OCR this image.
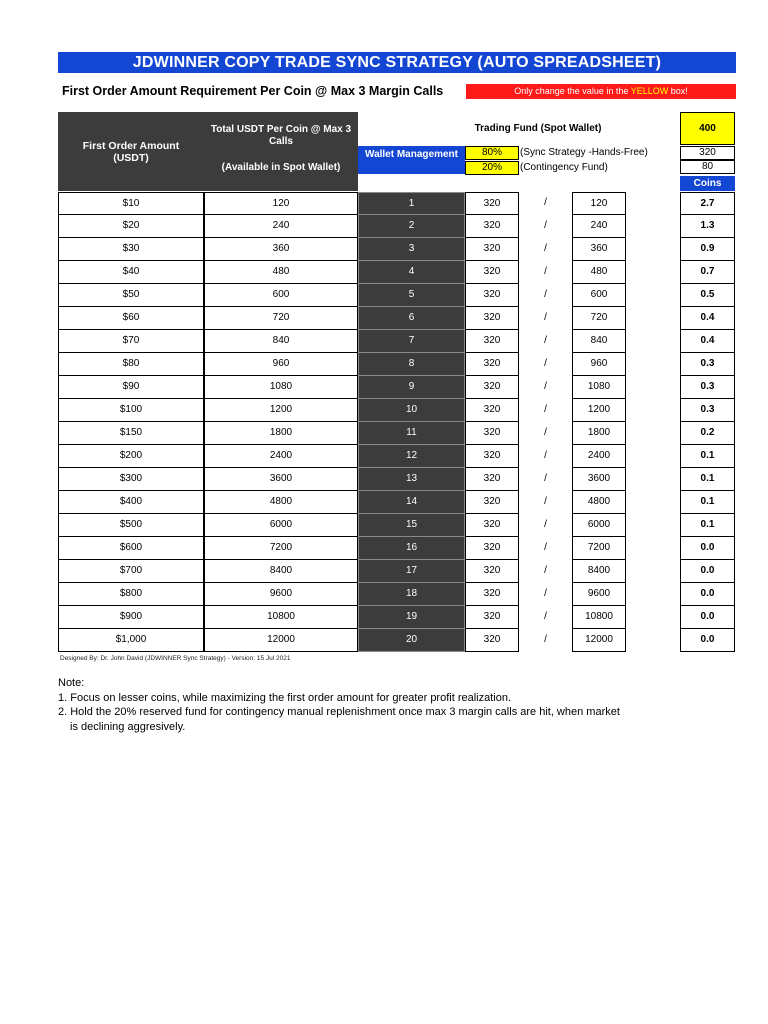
JDWINNER COPY TRADE SYNC STRATEGY (AUTO SPREADSHEET)
First Order Amount Requirement Per Coin @ Max 3 Margin Calls	Only change the value in the YELLOW box!
First Order Amount (USDT)
Total USDT Per Coin @ Max 3 Calls
(Available in Spot Wallet)
Trading Fund (Spot Wallet)	400
Wallet Management	80%	(Sync Strategy -Hands-Free)	320
20%	(Contingency Fund)	80
Coins
$10	120	1	320	/	120	2.7
$20	240	2	320	/	240	1.3
$30	360	3	320	/	360	0.9
$40	480	4	320	/	480	0.7
$50	600	5	320	/	600	0.5
$60	720	6	320	/	720	0.4
$70	840	7	320	/	840	0.4
$80	960	8	320	/	960	0.3
$90	1080	9	320	/	1080	0.3
$100	1200	10	320	/	1200	0.3
$150	1800	11	320	/	1800	0.2
$200	2400	12	320	/	2400	0.1
$300	3600	13	320	/	3600	0.1
$400	4800	14	320	/	4800	0.1
$500	6000	15	320	/	6000	0.1
$600	7200	16	320	/	7200	0.0
$700	8400	17	320	/	8400	0.0
$800	9600	18	320	/	9600	0.0
$900	10800	19	320	/	10800	0.0
$1,000	12000	20	320	/	12000	0.0
Designed By: Dr. John David (JDWINNER Sync Strategy) - Version: 15 Jul 2021
Note:
1. Focus on lesser coins, while maximizing the first order amount for greater profit realization.
2. Hold the 20% reserved fund for contingency manual replenishment once max 3 margin calls are hit, when market
is declining aggresively.
